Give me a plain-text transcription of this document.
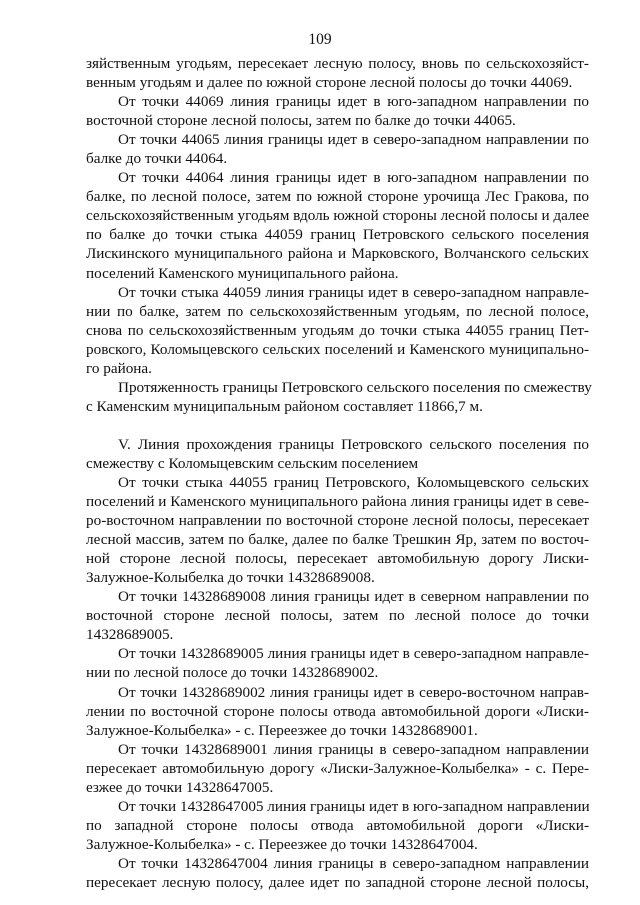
109
зяйственным угодьям, пересекает лесную полосу, вновь по сельскохозяйст-
венным угодьям и далее по южной стороне лесной полосы до точки 44069.
От точки 44069 линия границы идет в юго-западном направлении по
восточной стороне лесной полосы, затем по балке до точки 44065.
От точки 44065 линия границы идет в северо-западном направлении по
балке до точки 44064.
От точки 44064 линия границы идет в юго-западном направлении по
балке, по лесной полосе, затем по южной стороне урочища Лес Гракова, по
сельскохозяйственным угодьям вдоль южной стороны лесной полосы и далее
по балке до точки стыка 44059 границ Петровского сельского поселения
Лискинского муниципального района и Марковского, Волчанского сельских
поселений Каменского муниципального района.
От точки стыка 44059 линия границы идет в северо-западном направле-
нии по балке, затем по сельскохозяйственным угодьям, по лесной полосе,
снова по сельскохозяйственным угодьям до точки стыка 44055 границ Пет-
ровского, Коломыцевского сельских поселений и Каменского муниципально-
го района.
Протяженность границы Петровского сельского поселения по смежеству
с Каменским муниципальным районом составляет 11866,7 м.
V. Линия прохождения границы Петровского сельского поселения по
смежеству с Коломыцевским сельским поселением
От точки стыка 44055 границ Петровского, Коломыцевского сельских
поселений и Каменского муниципального района линия границы идет в севе-
ро-восточном направлении по восточной стороне лесной полосы, пересекает
лесной массив, затем по балке, далее по балке Трешкин Яр, затем по восточ-
ной стороне лесной полосы, пересекает автомобильную дорогу Лиски-
Залужное-Колыбелка до точки 14328689008.
От точки 14328689008 линия границы идет в северном направлении по
восточной стороне лесной полосы, затем по лесной полосе до точки
14328689005.
От точки 14328689005 линия границы идет в северо-западном направле-
нии по лесной полосе до точки 14328689002.
От точки 14328689002 линия границы идет в северо-восточном направ-
лении по восточной стороне полосы отвода автомобильной дороги «Лиски-
Залужное-Колыбелка» - с. Переезжее до точки 14328689001.
От точки 14328689001 линия границы в северо-западном направлении
пересекает автомобильную дорогу «Лиски-Залужное-Колыбелка» - с. Пере-
езжее до точки 14328647005.
От точки 14328647005 линия границы идет в юго-западном направлении
по западной стороне полосы отвода автомобильной дороги «Лиски-
Залужное-Колыбелка» - с. Переезжее до точки 14328647004.
От точки 14328647004 линия границы в северо-западном направлении
пересекает лесную полосу, далее идет по западной стороне лесной полосы,
